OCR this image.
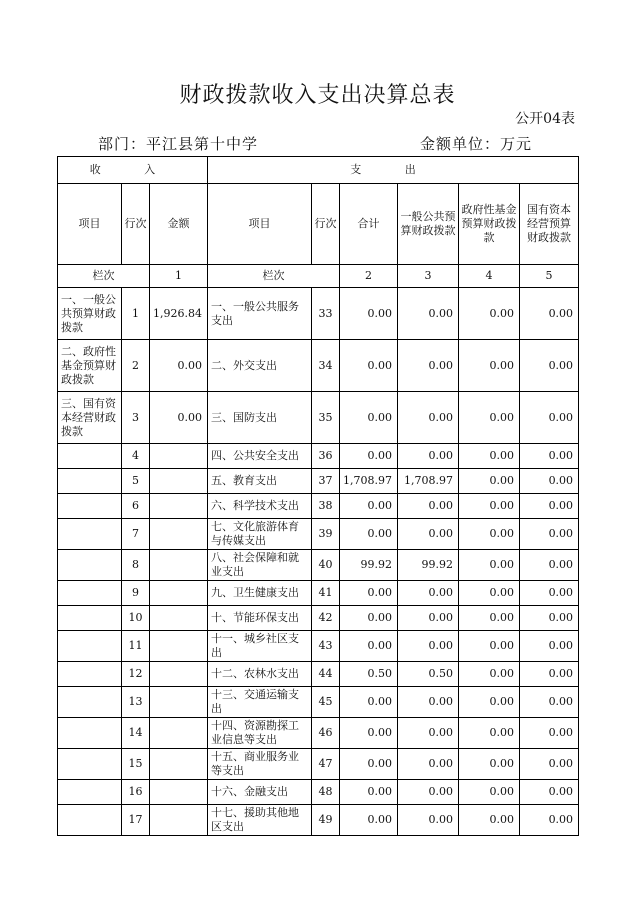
财政拨款收入支出决算总表
公开04表
部门：平江县第十中学	金额单位：万元
收 入			支 出					
项目	行次	金额	项目	行次	合计	一般公共预算财政拨款	政府性基金预算财政拨款	国有资本经营预算财政拨款
栏次		1	栏次		2	3	4	5
一、一般公共预算财政拨款	1	1,926.84	一、一般公共服务支出	33	0.00	0.00	0.00	0.00
二、政府性基金预算财政拨款	2	0.00	二、外交支出	34	0.00	0.00	0.00	0.00
三、国有资本经营财政拨款	3	0.00	三、国防支出	35	0.00	0.00	0.00	0.00
	4		四、公共安全支出	36	0.00	0.00	0.00	0.00
	5		五、教育支出	37	1,708.97	1,708.97	0.00	0.00
	6		六、科学技术支出	38	0.00	0.00	0.00	0.00
	7		七、文化旅游体育与传媒支出	39	0.00	0.00	0.00	0.00
	8		八、社会保障和就业支出	40	99.92	99.92	0.00	0.00
	9		九、卫生健康支出	41	0.00	0.00	0.00	0.00
	10		十、节能环保支出	42	0.00	0.00	0.00	0.00
	11		十一、城乡社区支出	43	0.00	0.00	0.00	0.00
	12		十二、农林水支出	44	0.50	0.50	0.00	0.00
	13		十三、交通运输支出	45	0.00	0.00	0.00	0.00
	14		十四、资源勘探工业信息等支出	46	0.00	0.00	0.00	0.00
	15		十五、商业服务业等支出	47	0.00	0.00	0.00	0.00
	16		十六、金融支出	48	0.00	0.00	0.00	0.00
	17		十七、援助其他地区支出	49	0.00	0.00	0.00	0.00
